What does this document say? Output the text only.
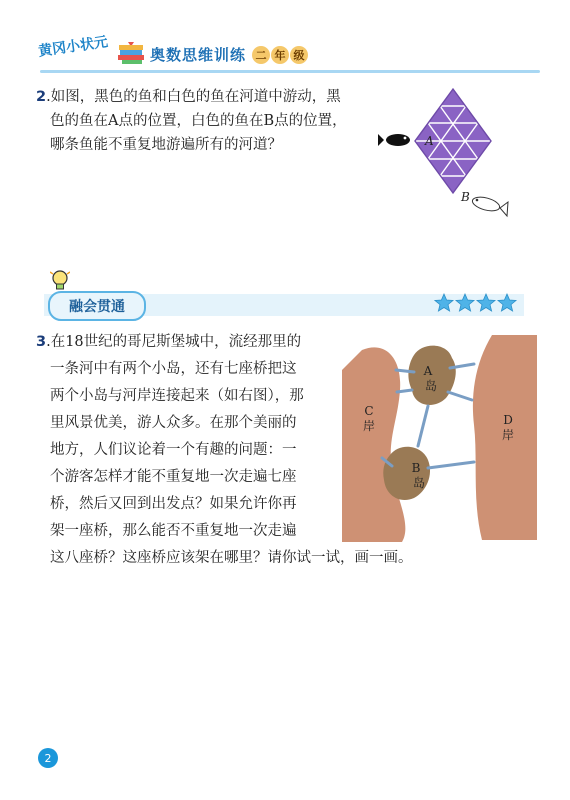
黄冈小状元	奥数思维训练 二 年 级
2.如图，黑色的鱼和白色的鱼在河道中游动，黑
色的鱼在A点的位置，白色的鱼在B点的位置，
哪条鱼能不重复地游遍所有的河道？	A
B
融会贯通
3.在18世纪的哥尼斯堡城中，流经那里的
一条河中有两个小岛，还有七座桥把这
两个小岛与河岸连接起来（如右图），那
里风景优美，游人众多。在那个美丽的
地方，人们议论着一个有趣的问题：一
个游客怎样才能不重复地一次走遍七座
桥，然后又回到出发点？如果允许你再
架一座桥，那么能否不重复地一次走遍
这八座桥？这座桥应该架在哪里？请你试一试，画一画。
A
岛
B
岛
C
岸	D
岸
2
